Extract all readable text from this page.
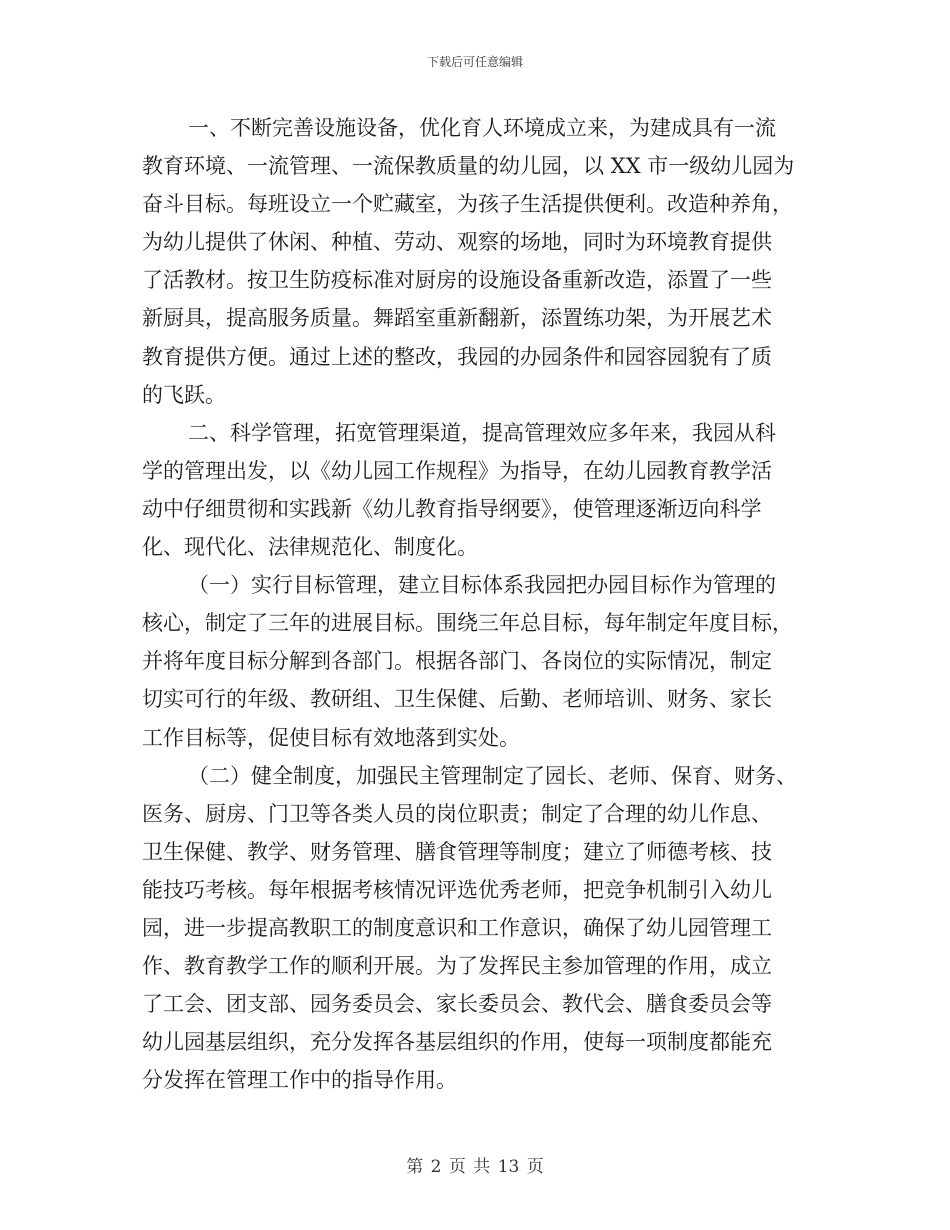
下载后可任意编辑
一、不断完善设施设备，优化育人环境成立来，为建成具有一流
教育环境、一流管理、一流保教质量的幼儿园，以 XX 市一级幼儿园为
奋斗目标。每班设立一个贮藏室，为孩子生活提供便利。改造种养角，
为幼儿提供了休闲、种植、劳动、观察的场地，同时为环境教育提供
了活教材。按卫生防疫标准对厨房的设施设备重新改造，添置了一些
新厨具，提高服务质量。舞蹈室重新翻新，添置练功架，为开展艺术
教育提供方便。通过上述的整改，我园的办园条件和园容园貌有了质
的飞跃。
二、科学管理，拓宽管理渠道，提高管理效应多年来，我园从科
学的管理出发，以《幼儿园工作规程》为指导，在幼儿园教育教学活
动中仔细贯彻和实践新《幼儿教育指导纲要》，使管理逐渐迈向科学
化、现代化、法律规范化、制度化。
（一）实行目标管理，建立目标体系我园把办园目标作为管理的
核心，制定了三年的进展目标。围绕三年总目标，每年制定年度目标，
并将年度目标分解到各部门。根据各部门、各岗位的实际情况，制定
切实可行的年级、教研组、卫生保健、后勤、老师培训、财务、家长
工作目标等，促使目标有效地落到实处。
（二）健全制度，加强民主管理制定了园长、老师、保育、财务、
医务、厨房、门卫等各类人员的岗位职责；制定了合理的幼儿作息、
卫生保健、教学、财务管理、膳食管理等制度；建立了师德考核、技
能技巧考核。每年根据考核情况评选优秀老师，把竞争机制引入幼儿
园，进一步提高教职工的制度意识和工作意识，确保了幼儿园管理工
作、教育教学工作的顺利开展。为了发挥民主参加管理的作用，成立
了工会、团支部、园务委员会、家长委员会、教代会、膳食委员会等
幼儿园基层组织，充分发挥各基层组织的作用，使每一项制度都能充
分发挥在管理工作中的指导作用。
第 2 页 共 13 页
